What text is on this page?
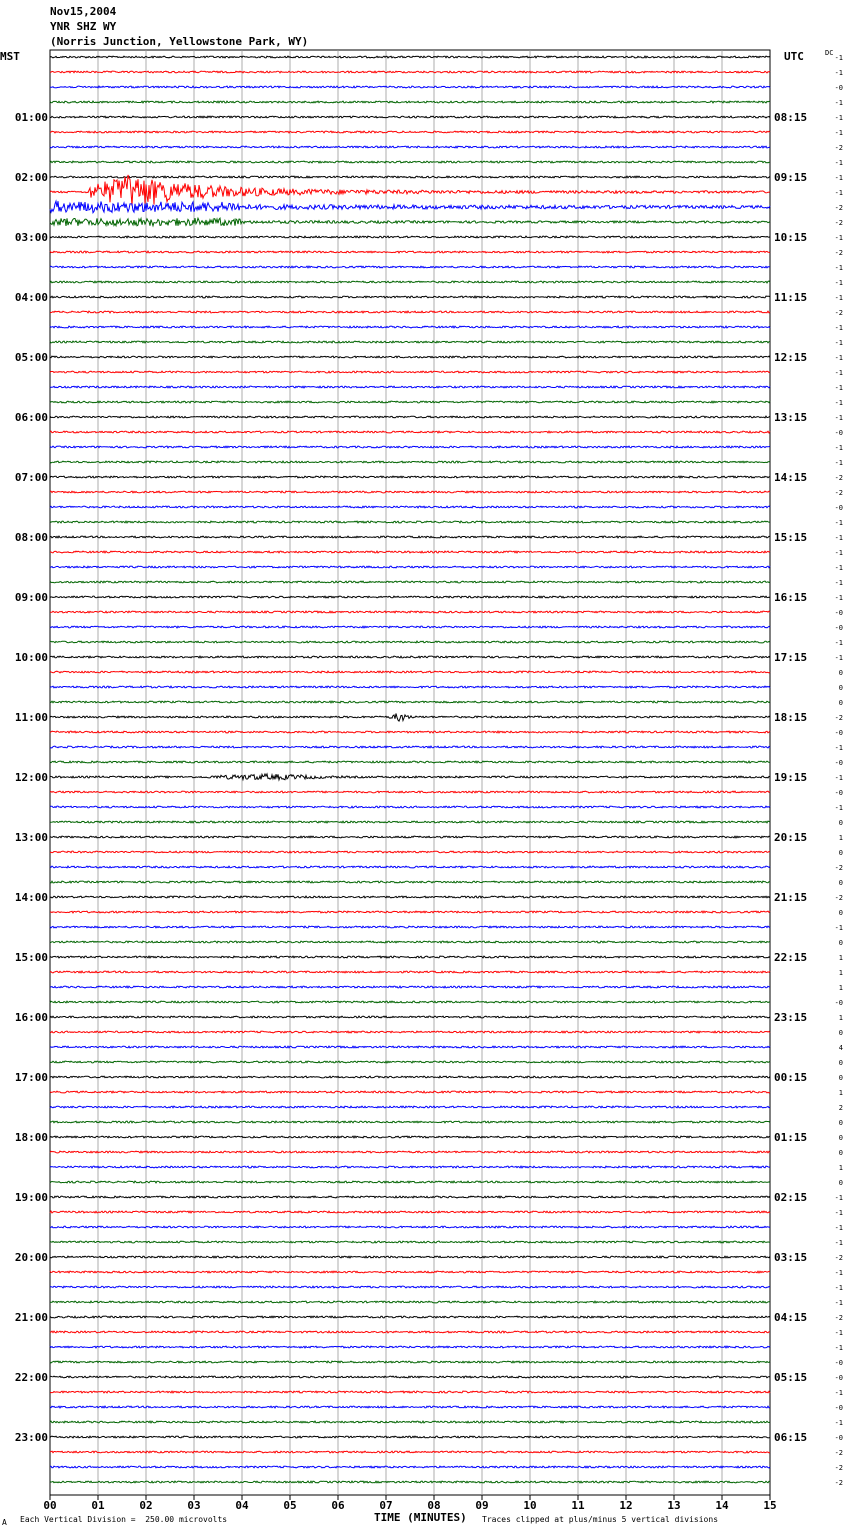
Nov15,2004
YNR SHZ WY
(Norris Junction, Yellowstone Park, WY)
MST	UTC	DC
-1
-1
-0
-1
-1
-1
-2
-1
-1
-1
-2
-2
-1
-2
-1
-1
-1
-2
-1
-1
-1
-1
-1
-1
-1
-0
-1
-1
-2
-2
-0
-1
-1
-1
-1
-1
-1
-0
-0
-1
-1
0
0
0
-2
-0
-1
-0
-1
-0
-1
0
1
0
-2
0
-2
0
-1
0
1
1
1
-0
1
0
4
0
0
1
2
0
0
0
1
0
-1
-1
-1
-1
-2
-1
-1
-1
-2
-1
-1
-0
-0
-1
-0
-1
-0
-2
-2
-2
01:00
02:00
03:00
04:00
05:00
06:00
07:00
08:00
09:00
10:00
11:00
12:00
13:00
14:00
15:00
16:00
17:00
18:00
19:00
20:00
21:00
22:00
23:00
08:15
09:15
10:15
11:15
12:15
13:15
14:15
15:15
16:15
17:15
18:15
19:15
20:15
21:15
22:15
23:15
00:15
01:15
02:15
03:15
04:15
05:15
06:15
00	01	02	03	04	05	06	07	08	09	10	11	12	13	14	15
A Each Vertical Division =  250.00 microvolts	TIME (MINUTES) Traces clipped at plus/minus 5 vertical divisions
